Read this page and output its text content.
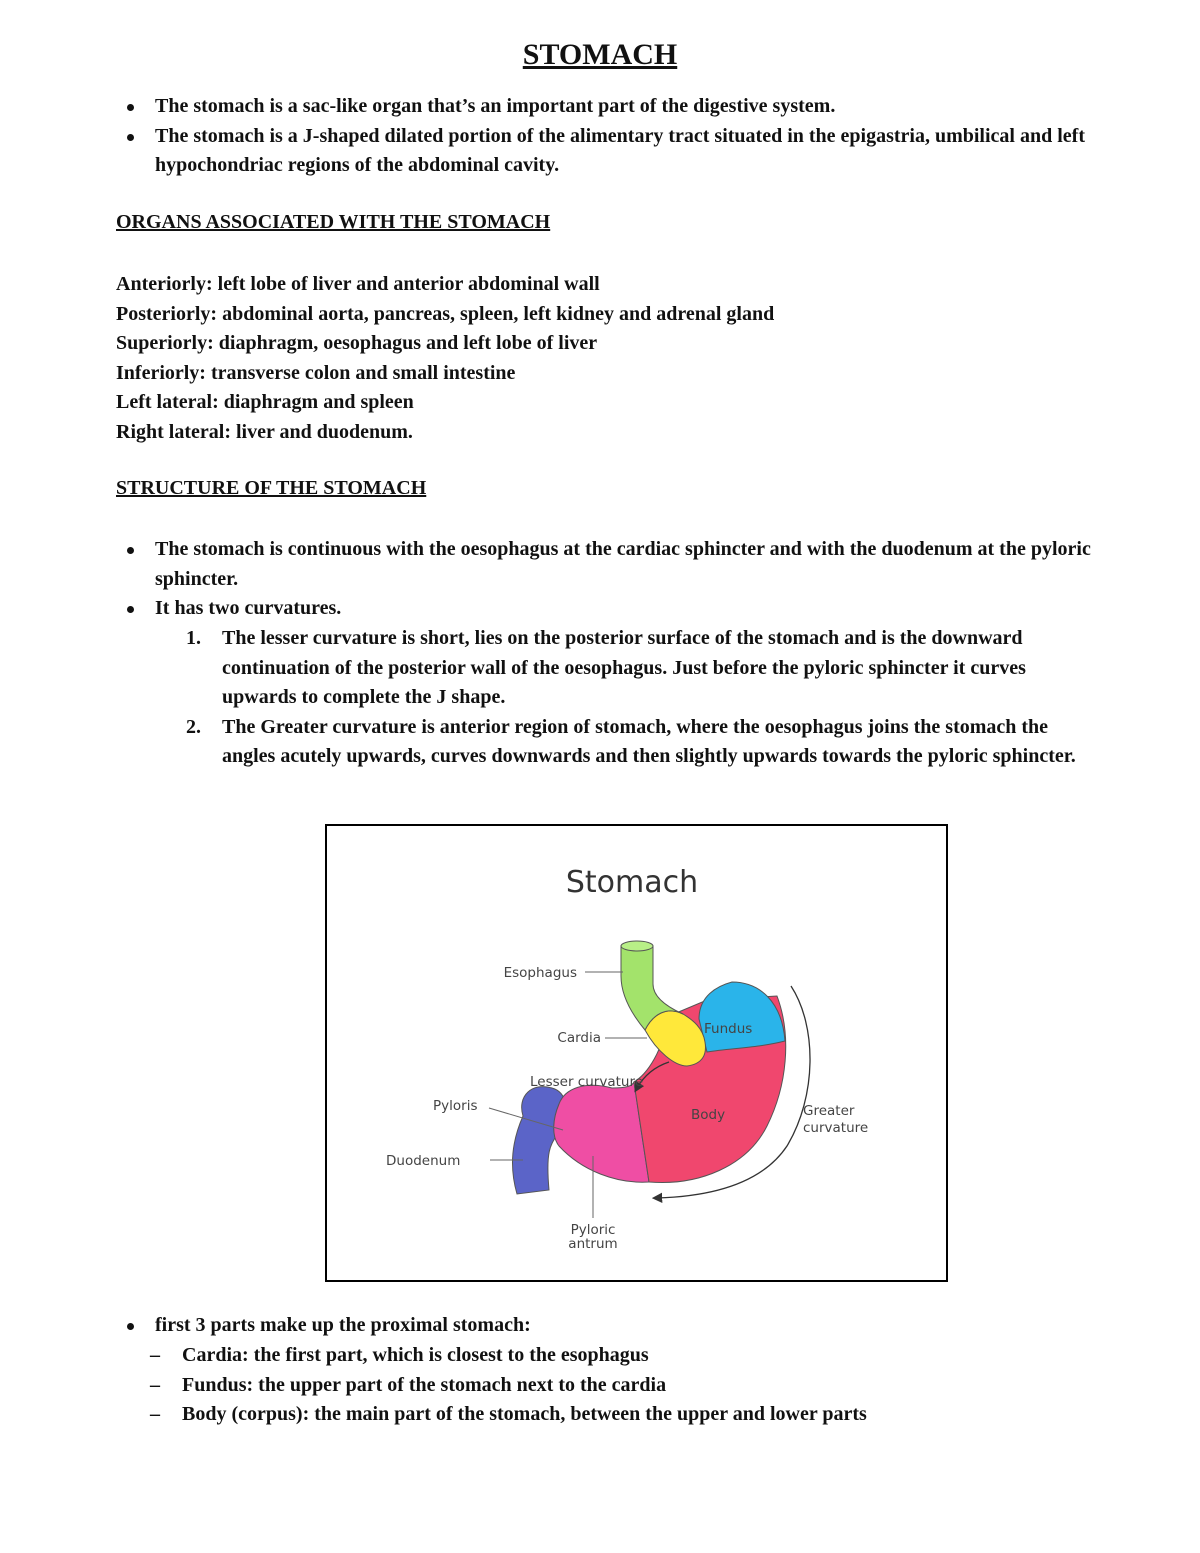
STOMACH
The stomach is a sac-like organ that’s an important part of the digestive system.
The stomach is a J-shaped dilated portion of the alimentary tract situated in the epigastria, umbilical and left hypochondriac regions of the abdominal cavity.
ORGANS ASSOCIATED WITH THE STOMACH
Anteriorly: left lobe of liver and anterior abdominal wall
Posteriorly: abdominal aorta, pancreas, spleen, left kidney and adrenal gland
Superiorly: diaphragm, oesophagus and left lobe of liver
Inferiorly: transverse colon and small intestine
Left lateral: diaphragm and spleen
Right lateral: liver and duodenum.
STRUCTURE OF THE STOMACH
The stomach is continuous with the oesophagus at the cardiac sphincter and with the duodenum at the pyloric sphincter.
It has two curvatures.
1. The lesser curvature is short, lies on the posterior surface of the stomach and is the downward continuation of the posterior wall of the oesophagus. Just before the pyloric sphincter it curves upwards to complete the J shape.
2. The Greater curvature is anterior region of stomach, where the oesophagus joins the stomach the angles acutely upwards, curves downwards and then slightly upwards towards the pyloric sphincter.
Stomach
Esophagus
Fundus
Cardia
Lesser curvature
Pyloris
Body	Greater
curvature
Duodenum
Pyloric
antrum
first 3 parts make up the proximal stomach:
– Cardia: the first part, which is closest to the esophagus
– Fundus: the upper part of the stomach next to the cardia
– Body (corpus): the main part of the stomach, between the upper and lower parts
